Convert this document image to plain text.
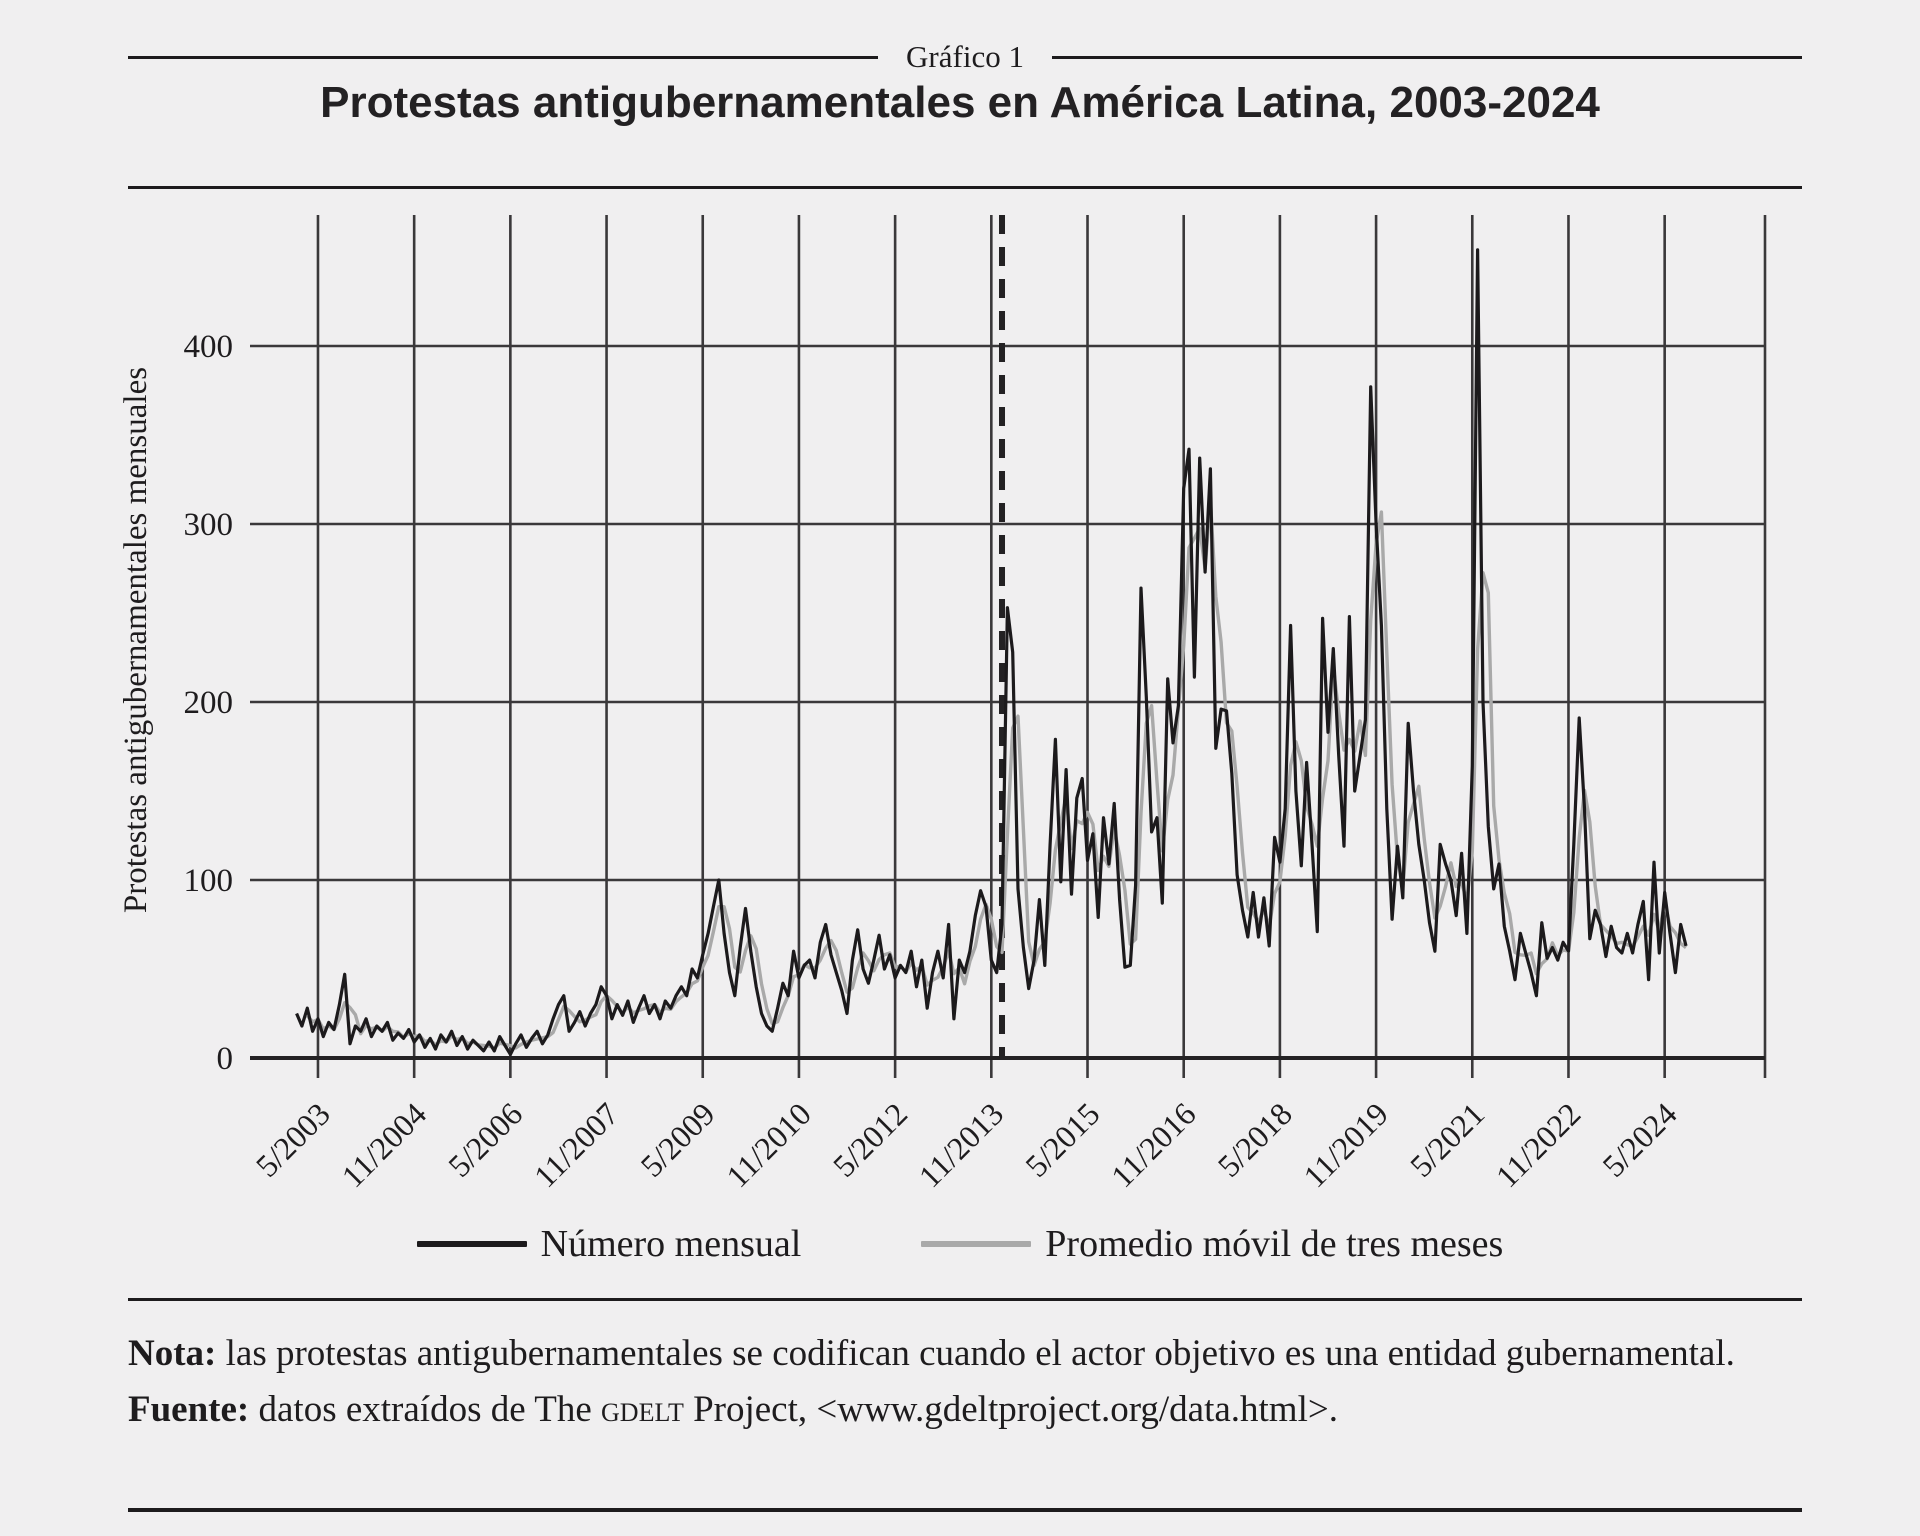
Gráfico 1
Protestas antigubernamentales en América Latina, 2003-2024
0
100
200
300
400
5/2003
11/2004 5/2006
11/2007 5/2009
11/2010 5/2012
11/2013 5/2015
11/2016 5/2018
11/2019 5/2021
11/2022 5/2024
Protestas antigubernamentales mensuales
Número mensual	Promedio móvil de tres meses

Nota: las protestas antigubernamentales se codifican cuando el actor objetivo es una entidad gubernamental.

Fuente: datos extraídos de The gdelt Project, <www.gdeltproject.org/data.html>.
